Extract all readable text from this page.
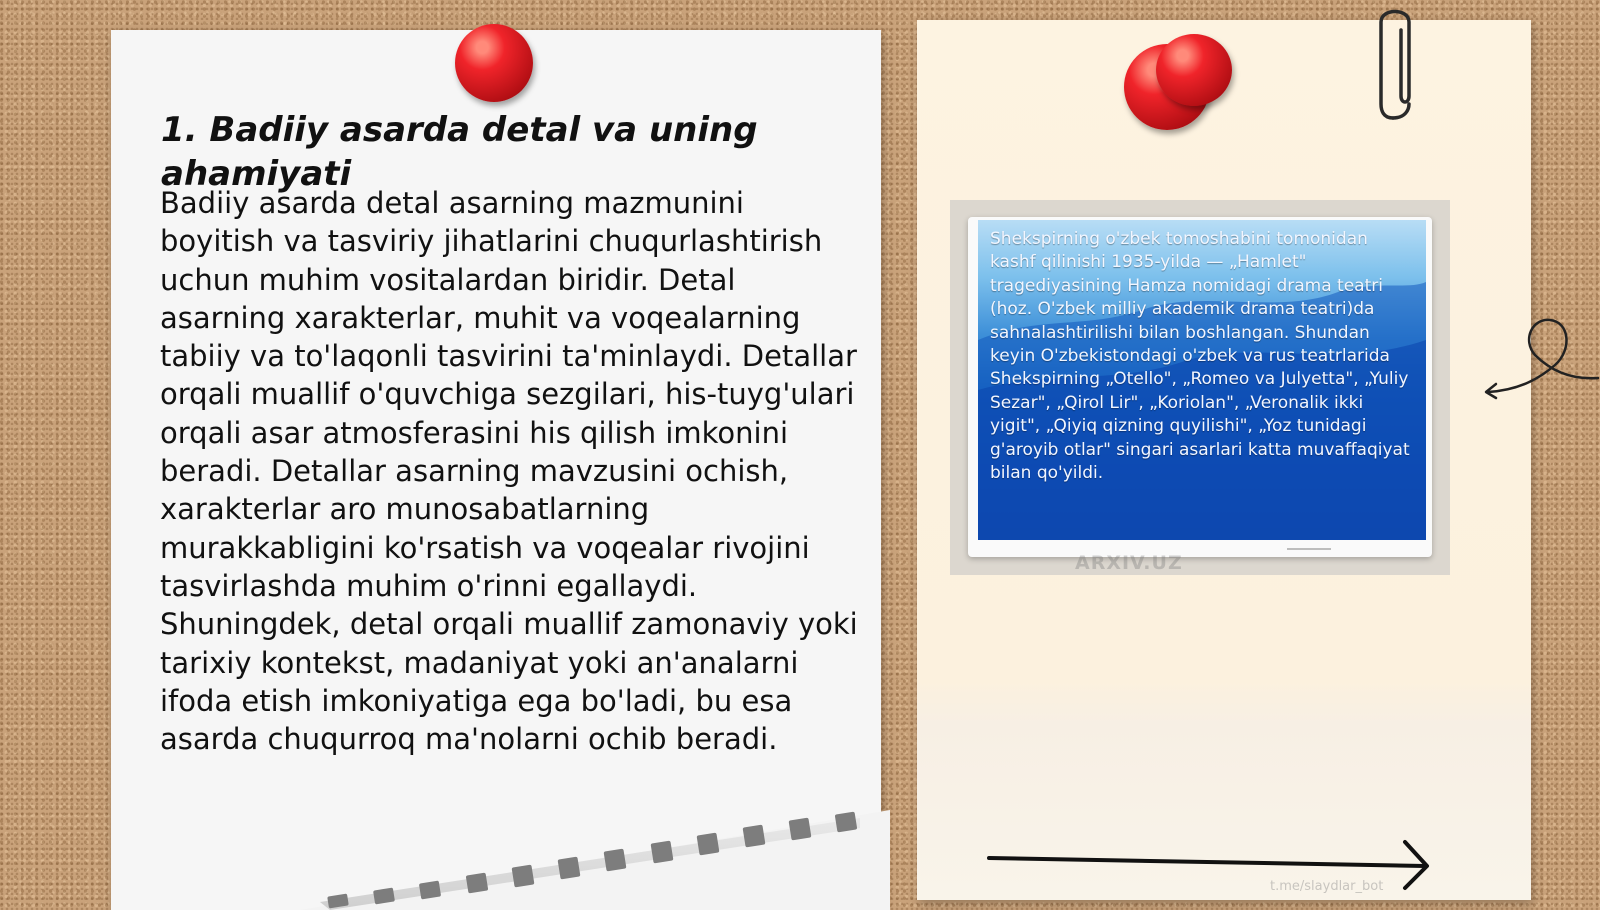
1. Badiiy asarda detal va uning ahamiyati

Badiiy asarda detal asarning mazmunini boyitish va tasviriy jihatlarini chuqurlashtirish uchun muhim vositalardan biridir. Detal asarning xarakterlar, muhit va voqealarning tabiiy va to'laqonli tasvirini ta'minlaydi. Detallar orqali muallif o'quvchiga sezgilari, his-tuyg'ulari orqali asar atmosferasini his qilish imkonini beradi. Detallar asarning mavzusini ochish, xarakterlar aro munosabatlarning murakkabligini ko'rsatish va voqealar rivojini tasvirlashda muhim o'rinni egallaydi. Shuningdek, detal orqali muallif zamonaviy yoki tarixiy kontekst, madaniyat yoki an'analarni ifoda etish imkoniyatiga ega bo'ladi, bu esa asarda chuqurroq ma'nolarni ochib beradi.

Shekspirning o'zbek tomoshabini tomonidan kashf qilinishi 1935-yilda — „Hamlet" tragediyasining Hamza nomidagi drama teatri (hoz. O'zbek milliy akademik drama teatri)da sahnalashtirilishi bilan boshlangan. Shundan keyin O'zbekistondagi o'zbek va rus teatrlarida Shekspirning „Otello", „Romeo va Julyetta", „Yuliy Sezar", „Qirol Lir", „Koriolan", „Veronalik ikki yigit", „Qiyiq qizning quyilishi", „Yoz tunidagi g'aroyib otlar" singari asarlari katta muvaffaqiyat bilan qo'yildi.

ARXIV.UZ
t.me/slaydlar_bot
